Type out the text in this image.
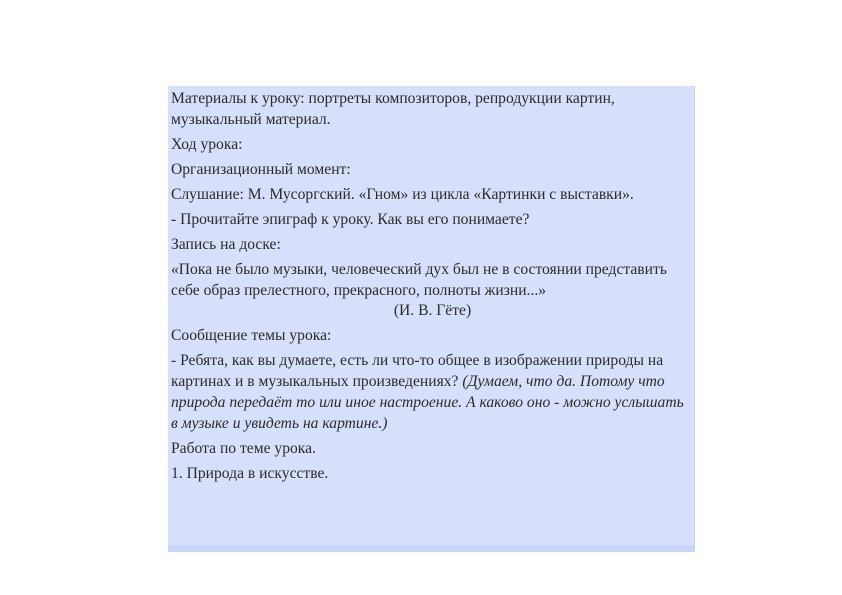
Материалы к уроку: портреты композиторов, репродукции картин, музыкальный материал.

Ход урока:

Организационный момент:

Слушание: М. Мусоргский. «Гном» из цикла «Картинки с выставки».

- Прочитайте эпиграф к уроку. Как вы его понимаете?

Запись на доске:

«Пока не было музыки, человеческий дух был не в состоянии представить себе образ прелестного, прекрасного, полноты жизни...»

(И. В. Гёте)

Сообщение темы урока:

- Ребята, как вы думаете, есть ли что-то общее в изображении природы на картинах и в музыкальных произведениях? (Думаем, что да. Потому что природа передаёт то или иное настроение. А каково оно - можно услышать в музыке и увидеть на картине.)

Работа по теме урока.

1. Природа в искусстве.
